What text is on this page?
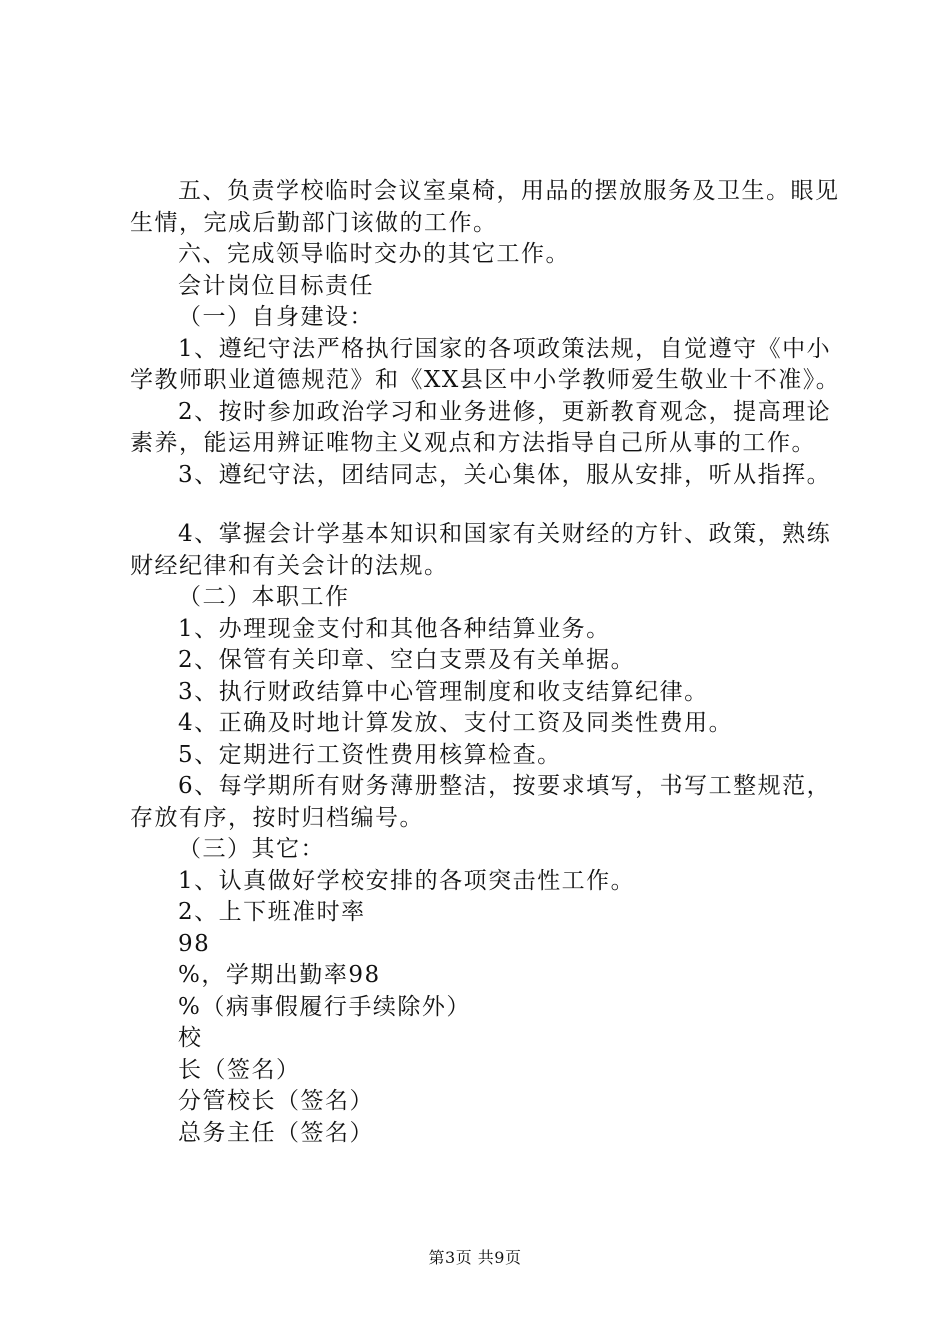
五、负责学校临时会议室桌椅，用品的摆放服务及卫生。眼见生情，完成后勤部门该做的工作。

六、完成领导临时交办的其它工作。

会计岗位目标责任

（一）自身建设：

1、遵纪守法严格执行国家的各项政策法规，自觉遵守《中小学教师职业道德规范》和《XX县区中小学教师爱生敬业十不准》。

2、按时参加政治学习和业务进修，更新教育观念，提高理论素养，能运用辨证唯物主义观点和方法指导自己所从事的工作。

3、遵纪守法，团结同志，关心集体，服从安排，听从指挥。

4、掌握会计学基本知识和国家有关财经的方针、政策，熟练财经纪律和有关会计的法规。

（二）本职工作

1、办理现金支付和其他各种结算业务。

2、保管有关印章、空白支票及有关单据。

3、执行财政结算中心管理制度和收支结算纪律。

4、正确及时地计算发放、支付工资及同类性费用。

5、定期进行工资性费用核算检查。

6、每学期所有财务薄册整洁，按要求填写，书写工整规范，存放有序，按时归档编号。

（三）其它：

1、认真做好学校安排的各项突击性工作。

2、上下班准时率

98

%，学期出勤率98

%（病事假履行手续除外）

校

长（签名）

分管校长（签名）

总务主任（签名）

第3页 共9页
